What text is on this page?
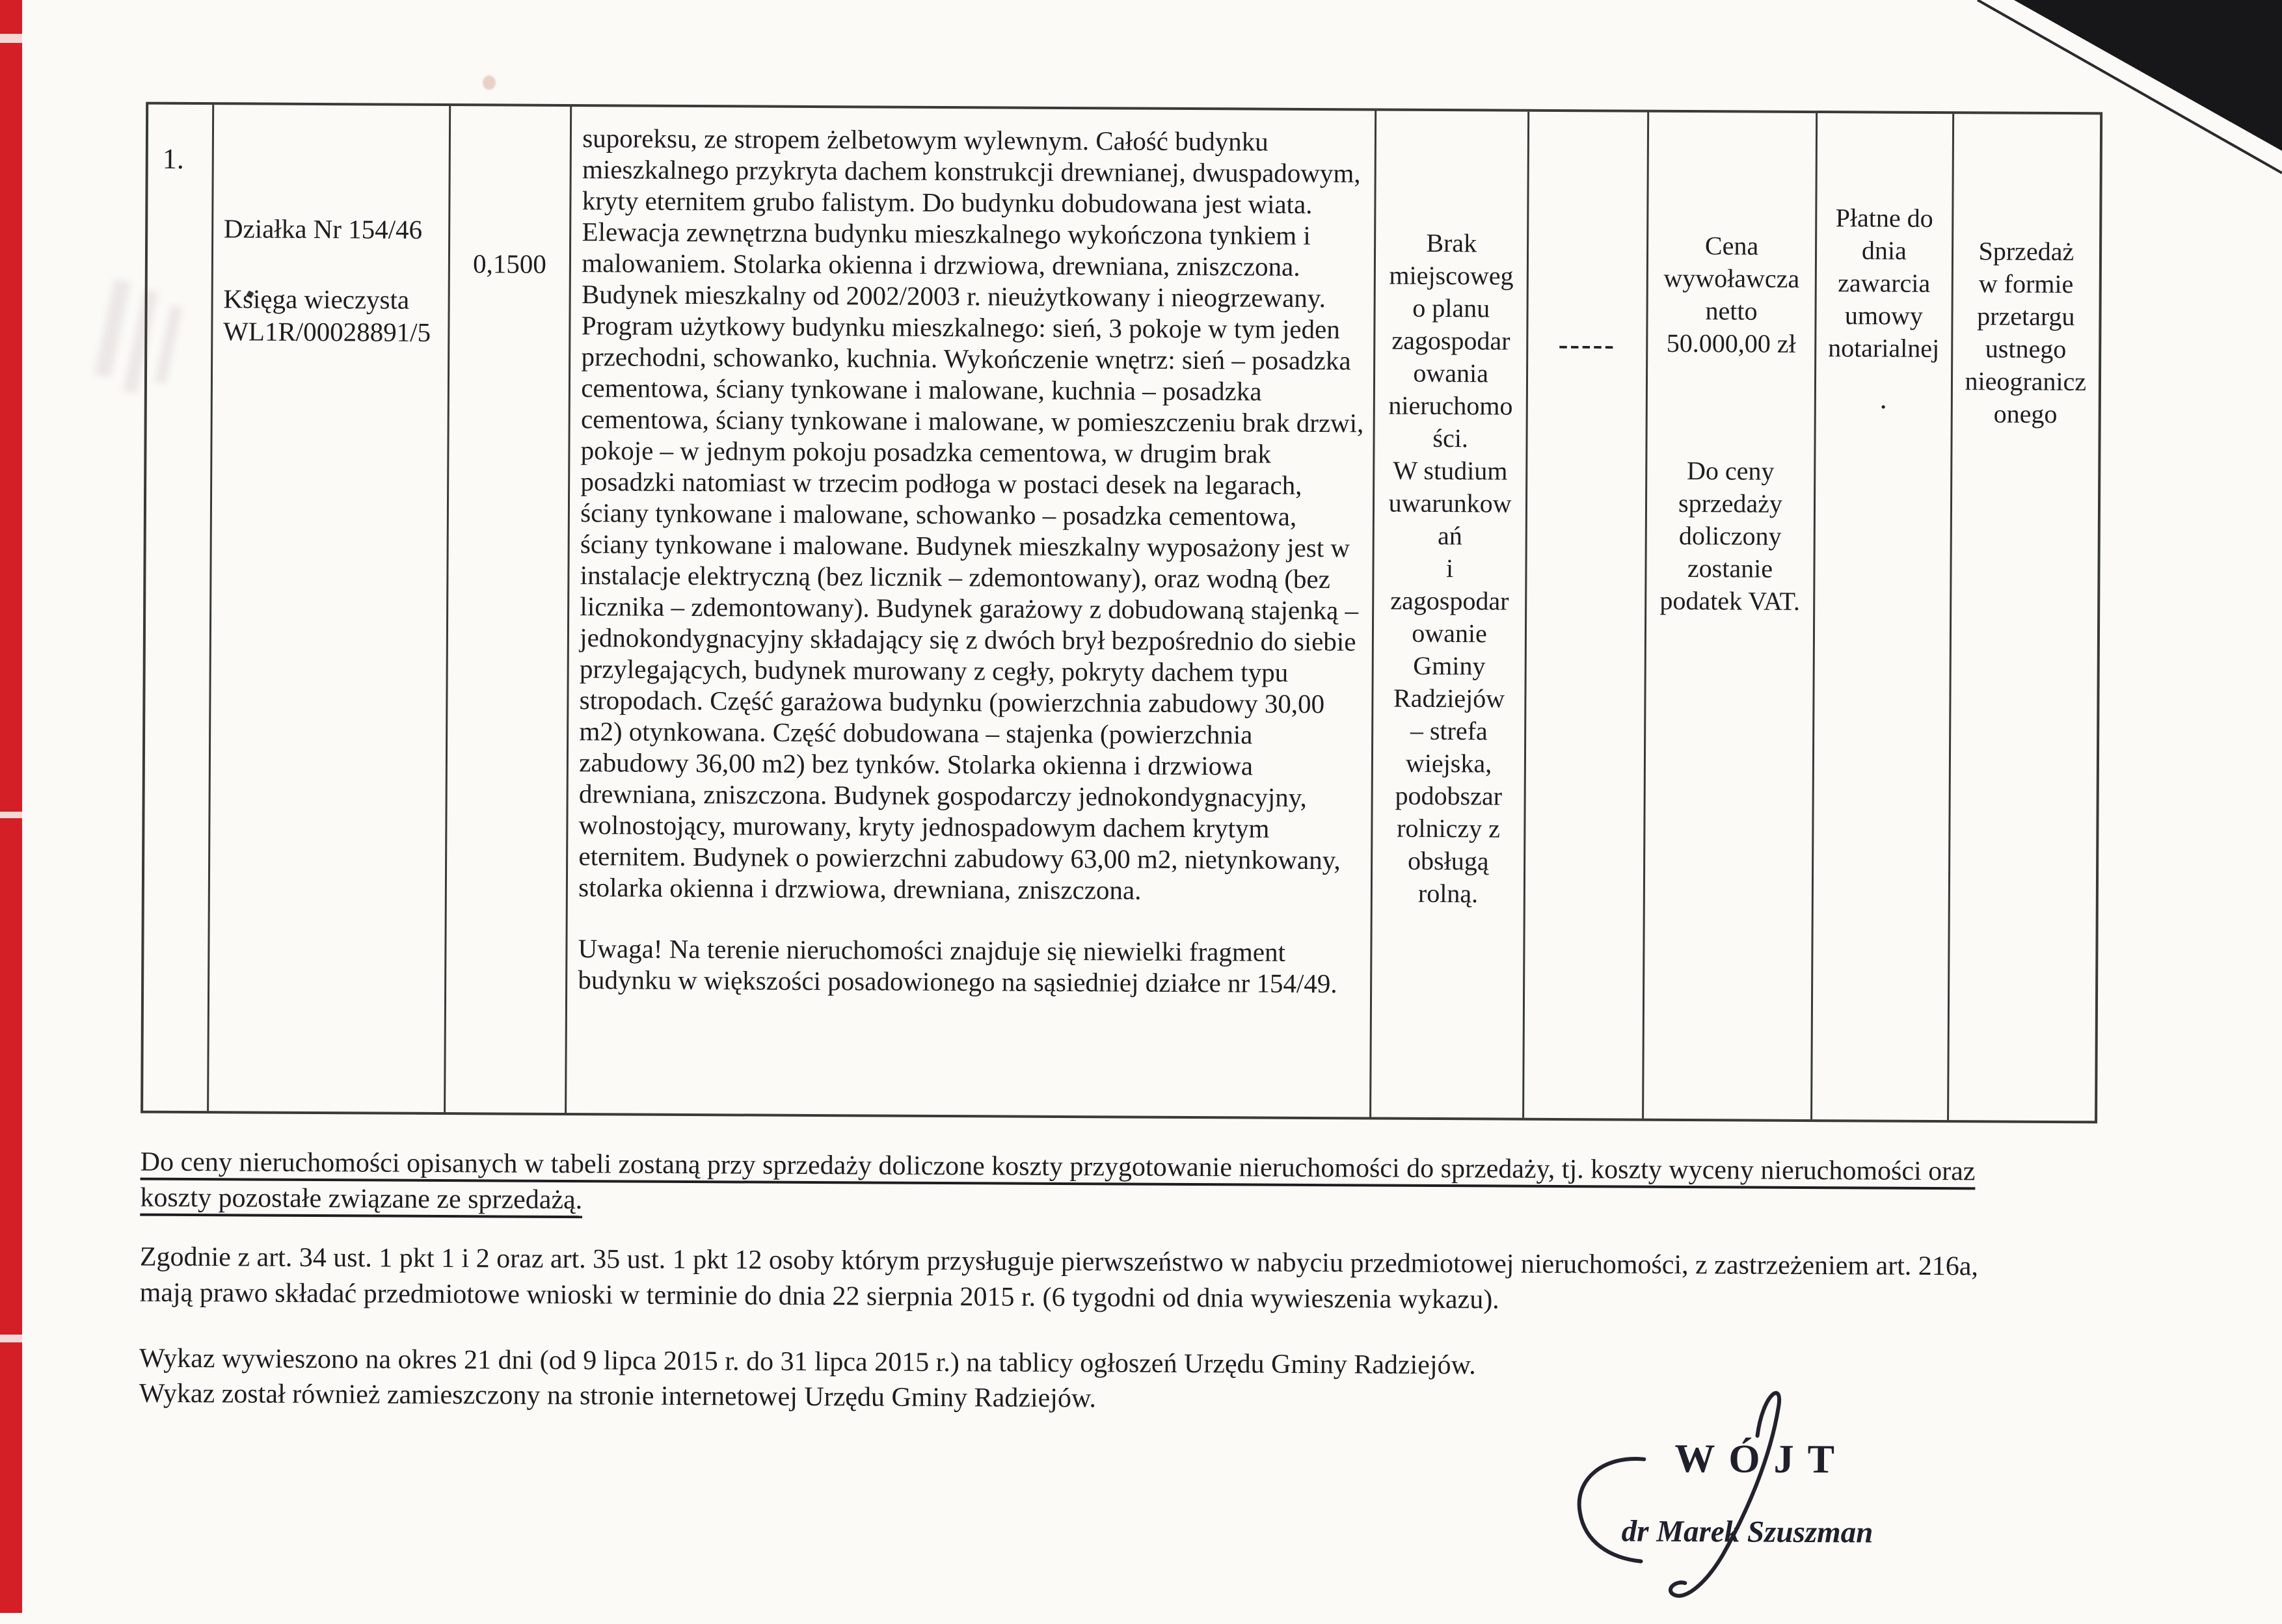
1.
Działka Nr 154/46
Księga wieczysta
WL1R/00028891/5
0,1500
suporeksu, ze stropem żelbetowym wylewnym. Całość budynku mieszkalnego przykryta dachem konstrukcji drewnianej, dwuspadowym, kryty eternitem grubo falistym. Do budynku dobudowana jest wiata. Elewacja zewnętrzna budynku mieszkalnego wykończona tynkiem i malowaniem. Stolarka okienna i drzwiowa, drewniana, zniszczona. Budynek mieszkalny od 2002/2003 r. nieużytkowany i nieogrzewany. Program użytkowy budynku mieszkalnego: sień, 3 pokoje w tym jeden przechodni, schowanko, kuchnia. Wykończenie wnętrz: sień – posadzka cementowa, ściany tynkowane i malowane, kuchnia – posadzka cementowa, ściany tynkowane i malowane, w pomieszczeniu brak drzwi, pokoje – w jednym pokoju posadzka cementowa, w drugim brak posadzki natomiast w trzecim podłoga w postaci desek na legarach, ściany tynkowane i malowane, schowanko – posadzka cementowa, ściany tynkowane i malowane. Budynek mieszkalny wyposażony jest w instalacje elektryczną (bez licznik – zdemontowany), oraz wodną (bez licznika – zdemontowany). Budynek garażowy z dobudowaną stajenką – jednokondygnacyjny składający się z dwóch brył bezpośrednio do siebie przylegających, budynek murowany z cegły, pokryty dachem typu stropodach. Część garażowa budynku (powierzchnia zabudowy 30,00 m2) otynkowana. Część dobudowana – stajenka (powierzchnia zabudowy 36,00 m2) bez tynków. Stolarka okienna i drzwiowa drewniana, zniszczona. Budynek gospodarczy jednokondygnacyjny, wolnostojący, murowany, kryty jednospadowym dachem krytym eternitem. Budynek o powierzchni zabudowy 63,00 m2, nietynkowany, stolarka okienna i drzwiowa, drewniana, zniszczona.
Uwaga! Na terenie nieruchomości znajduje się niewielki fragment budynku w większości posadowionego na sąsiedniej działce nr 154/49.

Brak
miejscoweg
o planu
zagospodar
owania
nieruchomo
ści.
W studium
uwarunkow
ań
i
zagospodar
owanie
Gminy
Radziejów
– strefa
wiejska,
podobszar
rolniczy z
obsługą
rolną.

-----
Cena
wywoławcza
netto
50.000,00 zł
Do ceny
sprzedaży
doliczony
zostanie
podatek VAT.
Płatne do
dnia
zawarcia
umowy
notarialnej
.

Sprzedaż
w formie
przetargu
ustnego
nieogranicz
onego

Do ceny nieruchomości opisanych w tabeli zostaną przy sprzedaży doliczone koszty przygotowanie nieruchomości do sprzedaży, tj. koszty wyceny nieruchomości oraz
koszty pozostałe związane ze sprzedażą.
Zgodnie z art. 34 ust. 1 pkt 1 i 2 oraz art. 35 ust. 1 pkt 12 osoby którym przysługuje pierwszeństwo w nabyciu przedmiotowej nieruchomości, z zastrzeżeniem art. 216a,
mają prawo składać przedmiotowe wnioski w terminie do dnia 22 sierpnia 2015 r. (6 tygodni od dnia wywieszenia wykazu).
Wykaz wywieszono na okres 21 dni (od 9 lipca 2015 r. do 31 lipca 2015 r.) na tablicy ogłoszeń Urzędu Gminy Radziejów.
Wykaz został również zamieszczony na stronie internetowej Urzędu Gminy Radziejów.
WÓJT
dr Marek Szuszman
